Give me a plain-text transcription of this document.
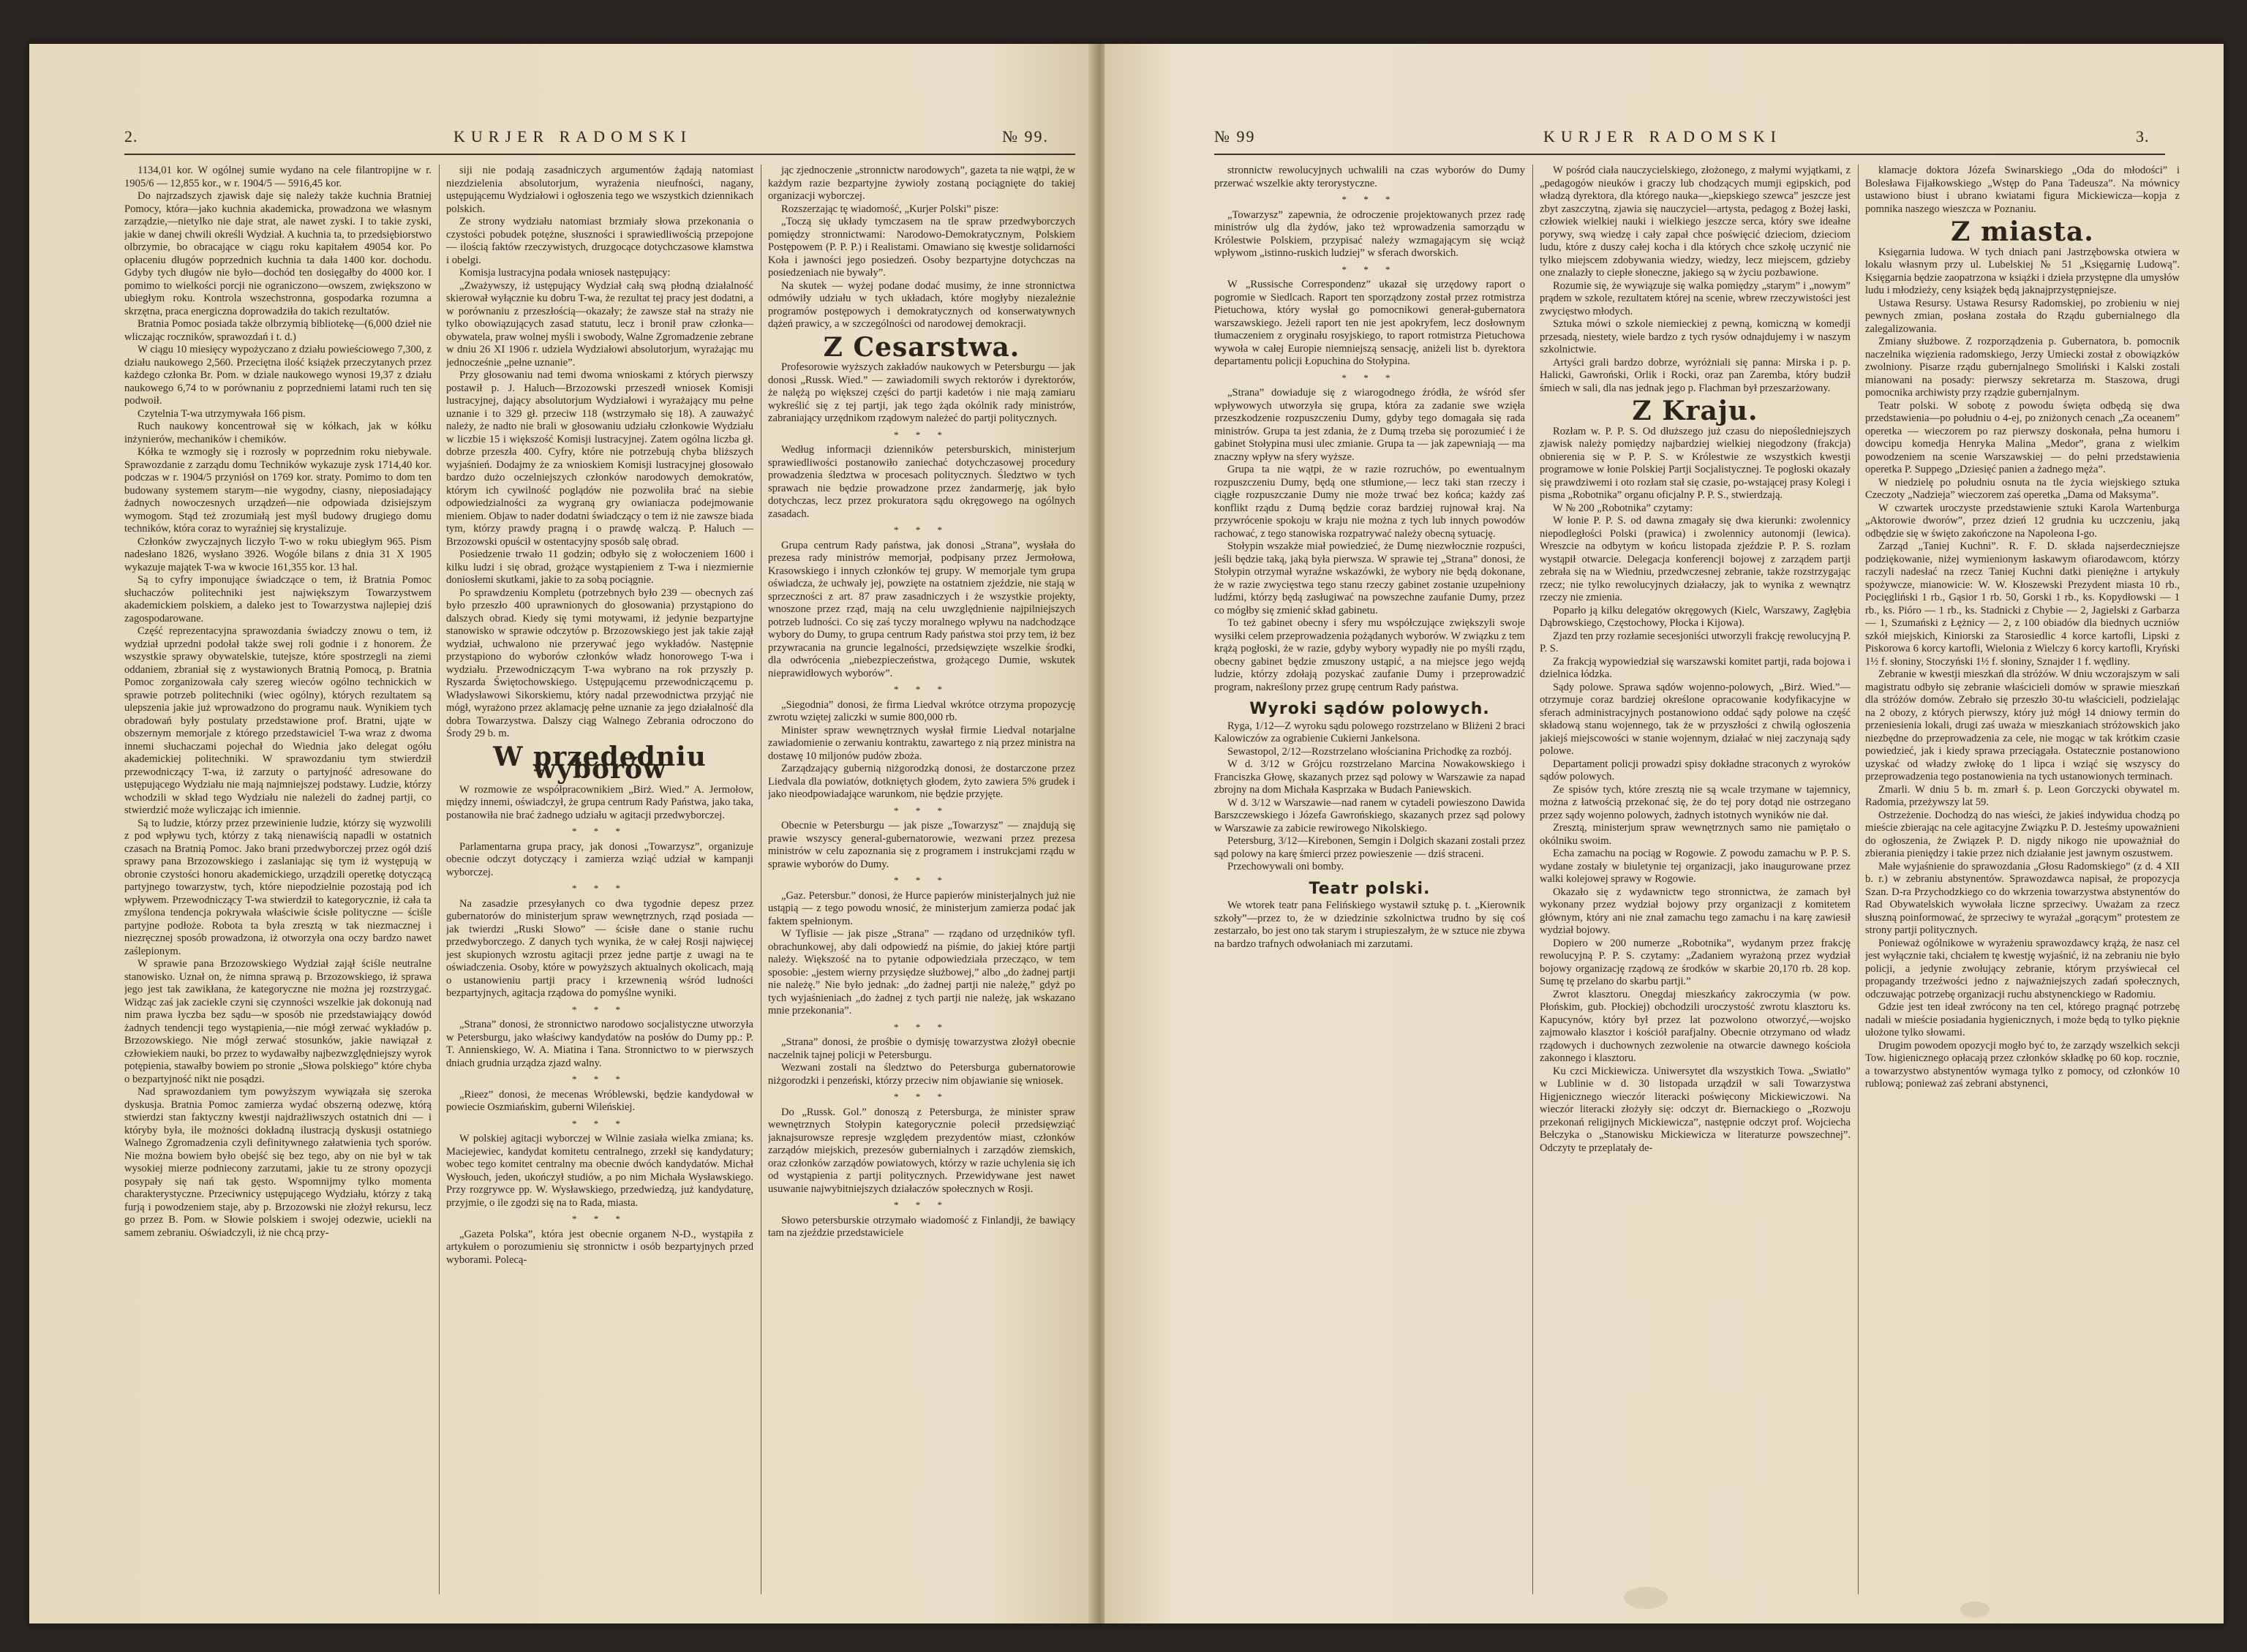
2.	KURJER RADOMSKI	№ 99.

1134,01 kor. W ogólnej sumie wydano na cele filantropijne w r. 1905/6 — 12,855 kor., w r. 1904/5 — 5916,45 kor.

Do najrzadszych zjawisk daje się należy także kuchnia Bratniej Pomocy, która—jako kuchnia akademicka, prowadzona we własnym zarządzie,—nietylko nie daje strat, ale nawet zyski. I to takie zyski, jakie w danej chwili określi Wydział. A kuchnia ta, to przedsiębiorstwo olbrzymie, bo obracające w ciągu roku kapitałem 49054 kor. Po opłaceniu długów poprzednich kuchnia ta dała 1400 kor. dochodu. Gdyby tych długów nie było—dochód ten dosięgałby do 4000 kor. I pomimo to wielkości porcji nie ograniczono—owszem, zwiększono w ubiegłym roku. Kontrola wszechstronna, gospodarka rozumna a skrzętna, praca energiczna doprowadziła do takich rezultatów.

Bratnia Pomoc posiada także olbrzymią bibliotekę—(6,000 dzieł nie wliczając roczników, sprawozdań i t. d.)

W ciągu 10 miesięcy wypożyczano z działu powieściowego 7,300, z działu naukowego 2,560. Przeciętna ilość książek przeczytanych przez każdego członka Br. Pom. w dziale naukowego wynosi 19,37 z działu naukowego 6,74 to w porównaniu z poprzedniemi latami ruch ten się podwoił.

Czytelnia T-wa utrzymywała 166 pism.

Ruch naukowy koncentrował się w kółkach, jak w kółku inżynierów, mechaników i chemików.

Kółka te wzmogły się i rozrosły w poprzednim roku niebywale. Sprawozdanie z zarządu domu Techników wykazuje zysk 1714,40 kor. podczas w r. 1904/5 przyniósł on 1769 kor. straty. Pomimo to dom ten budowany systemem starym—nie wygodny, ciasny, nieposiadający żadnych nowoczesnych urządzeń—nie odpowiada dzisiejszym wymogom. Stąd też zrozumiałą jest myśl budowy drugiego domu techników, która coraz to wyraźniej się krystalizuje.

Członków zwyczajnych liczyło T-wo w roku ubiegłym 965. Pism nadesłano 1826, wysłano 3926. Wogóle bilans z dnia 31 X 1905 wykazuje majątek T-wa w kwocie 161,355 kor. 13 hal.

Są to cyfry imponujące świadczące o tem, iż Bratnia Pomoc słuchaczów politechniki jest największym Towarzystwem akademickiem polskiem, a daleko jest to Towarzystwa najlepiej dziś zagospodarowane.

Część reprezentacyjna sprawozdania świadczy znowu o tem, iż wydział uprzedni podołał także swej roli godnie i z honorem. Że wszystkie sprawy obywatelskie, tutejsze, które spostrzegli na ziemi oddaniem, zbraniał się z wystawionych Bratnią Pomocą, p. Bratnia Pomoc zorganizowała cały szereg wieców ogólno technickich w sprawie potrzeb politechniki (wiec ogólny), których rezultatem są ulepszenia jakie już wprowadzono do programu nauk. Wynikiem tych obradowań były postulaty przedstawione prof. Bratni, ująte w obszernym memorjale z którego przedstawiciel T-wa wraz z dwoma innemi słuchaczami pojechał do Wiednia jako delegat ogółu akademickiej politechniki. W sprawozdaniu tym stwierdził przewodniczący T-wa, iż zarzuty o partyjność adresowane do ustępującego Wydziału nie mają najmniejszej podstawy. Ludzie, którzy wchodzili w skład tego Wydziału nie należeli do żadnej partji, co stwierdzić może wyliczając ich imiennie.

Są to ludzie, którzy przez przewinienie ludzie, którzy się wyzwolili z pod wpływu tych, którzy z taką nienawiścią napadli w ostatnich czasach na Bratnią Pomoc. Jako brani przedwyborczej przez ogół dziś sprawy pana Brzozowskiego i zaslaniając się tym iż występują w obronie czystości honoru akademickiego, urządzili operetkę dotyczącą partyjnego towarzystw, tych, które niepodzielnie pozostają pod ich wpływem. Przewodniczący T-wa stwierdził to kategorycznie, iż cała ta zmyślona tendencja pokrywała właściwie ścisłe polityczne — ściśle partyjne podłoże. Robota ta była zresztą w tak niezmacznej i niezręcznej sposób prowadzona, iż otworzyła ona oczy bardzo nawet zaślepionym.

W sprawie pana Brzozowskiego Wydział zajął ściśle neutralne stanowisko. Uznał on, że nimna sprawą p. Brzozowskiego, iż sprawa jego jest tak zawikłana, że kategoryczne nie można jej rozstrzygać. Widząc zaś jak zaciekle czyni się czynności wszelkie jak dokonują nad nim prawa łyczba bez sądu—w sposób nie przedstawiający dowód żadnych tendencji tego wystąpienia,—nie mógł zerwać wykładów p. Brzozowskiego. Nie mógł zerwać stosunków, jakie nawiązał z człowiekiem nauki, bo przez to wydawałby najbezwzględniejszy wyrok potępienia, stawałby bowiem po stronie „Słowa polskiego” które chyba o bezpartyjność nikt nie posądzi.

Nad sprawozdaniem tym powyższym wywiązała się szeroka dyskusja. Bratnia Pomoc zamierza wydać obszerną odezwę, którą stwierdzi stan faktyczny kwestji najdrażliwszych ostatnich dni — i któryby była, ile możności dokładną ilustracją dyskusji ostatniego Walnego Zgromadzenia czyli definitywnego załatwienia tych sporów. Nie można bowiem było obejść się bez tego, aby on nie był w tak wysokiej mierze podniecony zarzutami, jakie tu ze strony opozycji posypały się nań tak gęsto. Wspomnijmy tylko momenta charakterystyczne. Przeciwnicy ustępującego Wydziału, którzy z taką furją i powodzeniem staje, aby p. Brzozowski nie złożył rekursu, lecz go przez B. Pom. w Słowie polskiem i swojej odezwie, uciekli na samem zebraniu. Oświadczyli, iż nie chcą przy-

siji nie podają zasadniczych argumentów żądają natomiast niezdzielenia absolutorjum, wyrażenia nieufności, nagany, ustępującemu Wydziałowi i ogłoszenia tego we wszystkich dziennikach polskich.

Ze strony wydziału natomiast brzmiały słowa przekonania o czystości pobudek potężne, słuszności i sprawiedliwością przepojone — ilością faktów rzeczywistych, druzgocące dotychczasowe kłamstwa i obelgi.

Komisja lustracyjna podała wniosek następujący:

„Zważywszy, iż ustępujący Wydział całą swą płodną działalność skierował wyłącznie ku dobru T-wa, że rezultat tej pracy jest dodatni, a w porównaniu z przeszłością—okazały; że zawsze stał na straży nie tylko obowiązujących zasad statutu, lecz i bronił praw członka—obywatela, praw wolnej myśli i swobody, Walne Zgromadzenie zebrane w dniu 26 XI 1906 r. udziela Wydziałowi absolutorjum, wyrażając mu jednocześnie „pełne uznanie”.

Przy głosowaniu nad temi dwoma wnioskami z których pierwszy postawił p. J. Haluch—Brzozowski przeszedł wniosek Komisji lustracyjnej, dający absolutorjum Wydziałowi i wyrażający mu pełne uznanie i to 329 gł. przeciw 118 (wstrzymało się 18). A zauważyć należy, że nadto nie brali w głosowaniu udziału członkowie Wydziału w liczbie 15 i większość Komisji lustracyjnej. Zatem ogólna liczba gł. dobrze przeszła 400. Cyfry, które nie potrzebują chyba bliższych wyjaśnień. Dodajmy że za wnioskiem Komisji lustracyjnej głosowało bardzo dużo oczelniejszych członków narodowych demokratów, którym ich cywilność poglądów nie pozwoliła brać na siebie odpowiedzialności za wygraną gry owianiacza podejmowanie mieniem. Objaw to nader dodatni świadczący o tem iż nie zawsze biada tym, którzy prawdy pragną i o prawdę walczą. P. Haluch — Brzozowski opuścił w ostentacyjny sposób salę obrad.

Posiedzenie trwało 11 godzin; odbyło się z wołoczeniem 1600 i kilku ludzi i się obrad, grożące wystąpieniem z T-wa i niezmiernie doniosłemi skutkami, jakie to za sobą pociągnie.

Po sprawdzeniu Kompletu (potrzebnych było 239 — obecnych zaś było przeszło 400 uprawnionych do głosowania) przystąpiono do dalszych obrad. Kiedy się tymi motywami, iż jedynie bezpartyjne stanowisko w sprawie odczytów p. Brzozowskiego jest jak takie zajął wydział, uchwalono nie przerywać jego wykładów. Następnie przystąpiono do wyborów członków władz honorowego T-wa i wydziału. Przewodniczącym T-wa wybrano na rok przyszły p. Ryszarda Świętochowskiego. Ustępującemu przewodniczącemu p. Władysławowi Sikorskiemu, który nadal przewodnictwa przyjąć nie mógł, wyrażono przez aklamację pełne uznanie za jego działalność dla dobra Towarzystwa. Dalszy ciąg Walnego Zebrania odroczono do Środy 29 b. m.

W przededniu wyborów

W rozmowie ze współpracownikiem „Birż. Wied.” A. Jermołow, między innemi, oświadczył, że grupa centrum Rady Państwa, jako taka, postanowiła nie brać żadnego udziału w agitacji przedwyborczej.

* * *

Parlamentarna grupa pracy, jak donosi „Towarzysz”, organizuje obecnie odczyt dotyczący i zamierza wziąć udział w kampanji wyborczej.

* * *

Na zasadzie przesyłanych co dwa tygodnie depesz przez gubernatorów do ministerjum spraw wewnętrznych, rząd posiada — jak twierdzi „Ruski Słowo” — ścisłe dane o stanie ruchu przedwyborczego. Z danych tych wynika, że w całej Rosji najwięcej jest skupionych wzrostu agitacji przez jedne partje z uwagi na te oświadczenia. Osoby, które w powyższych aktualnych okolicach, mają o ustanowieniu partji pracy i krzewnenią wśród ludności bezpartyjnych, agitacja rządowa do pomyślne wyniki.

* * *

„Strana” donosi, że stronnictwo narodowo socjalistyczne utworzyła w Petersburgu, jako właściwy kandydatów na posłów do Dumy pp.: P. T. Annienskiego, W. A. Miatina i Tana. Stronnictwo to w pierwszych dniach grudnia urządza zjazd walny.

* * *

„Rieez” donosi, że mecenas Wróblewski, będzie kandydował w powiecie Oszmiańskim, guberni Wileńskiej.

* * *

W polskiej agitacji wyborczej w Wilnie zasiała wielka zmiana; ks. Maciejewiec, kandydat komitetu centralnego, zrzekł się kandydatury; wobec tego komitet centralny ma obecnie dwóch kandydatów. Michał Wysłouch, jeden, ukończył studiów, a po nim Michała Wysławskiego. Przy rozgrywce pp. W. Wysławskiego, przedwiedzą, już kandydaturę, przyjmie, o ile zgodzi się na to Rada, miasta.

* * *

„Gazeta Polska”, która jest obecnie organem N-D., wystąpiła z artykułem o porozumieniu się stronnictw i osób bezpartyjnych przed wyborami. Polecą-

jąc zjednoczenie „stronnictw narodowych”, gazeta ta nie wątpi, że w każdym razie bezpartyjne żywioły zostaną pociągnięte do takiej organizacji wyborczej.

Rozszerzając tę wiadomość, „Kurjer Polski” pisze:

„Toczą się układy tymczasem na tle spraw przedwyborczych pomiędzy stronnictwami: Narodowo-Demokratycznym, Polskiem Postępowem (P. P. P.) i Realistami. Omawiano się kwestje solidarności Koła i jawności jego posiedzeń. Osoby bezpartyjne dotychczas na posiedzeniach nie bywały”.

Na skutek — wyżej podane dodać musimy, że inne stronnictwa odmówiły udziału w tych układach, które mogłyby niezależnie programów postępowych i demokratycznych od konserwatywnych dążeń prawicy, a w szczególności od narodowej demokracji.

Z Cesarstwa.

Profesorowie wyższych zakładów naukowych w Petersburgu — jak donosi „Russk. Wied.” — zawiadomili swych rektorów i dyrektorów, że nalężą po większej części do partji kadetów i nie mają zamiaru wykreślić się z tej partji, jak tego żąda okólnik rady ministrów, zabraniający urzędnikom rządowym należeć do partji politycznych.

* * *

Według informacji dzienników petersburskich, ministerjum sprawiedliwości postanowiło zaniechać dotychczasowej procedury prowadzenia śledztwa w procesach politycznych. Śledztwo w tych sprawach nie będzie prowadzone przez żandarmerję, jak było dotychczas, lecz przez prokuratora sądu okręgowego na ogólnych zasadach.

* * *

Grupa centrum Rady państwa, jak donosi „Strana”, wysłała do prezesa rady ministrów memorjał, podpisany przez Jermołowa, Krasowskiego i innych członków tej grupy. W memorjale tym grupa oświadcza, że uchwały jej, powzięte na ostatniem zjeździe, nie stają w sprzeczności z art. 87 praw zasadniczych i że wszystkie projekty, wnoszone przez rząd, mają na celu uwzględnienie najpilniejszych potrzeb ludności. Co się zaś tyczy moralnego wpływu na nadchodzące wybory do Dumy, to grupa centrum Rady państwa stoi przy tem, iż bez przywracania na gruncie legalności, przedsięwzięte wszelkie środki, dla odwrócenia „niebezpieczeństwa, grożącego Dumie, wskutek nieprawidłowych wyborów”.

* * *

„Siegodnia” donosi, że firma Liedval wkrótce otrzyma propozycję zwrotu wziętej zaliczki w sumie 800,000 rb.

Minister spraw wewnętrznych wysłał firmie Liedval notarjalne zawiadomienie o zerwaniu kontraktu, zawartego z nią przez ministra na dostawę 10 miljonów pudów zboża.

Zarządzający gubernią niżgorodzką donosi, że dostarczone przez Liedvala dla powiatów, dotkniętych głodem, żyto zawiera 5% grudek i jako nieodpowiadające warunkom, nie będzie przyjęte.

* * *

Obecnie w Petersburgu — jak pisze „Towarzysz” — znajdują się prawie wszyscy general-gubernatorowie, wezwani przez prezesa ministrów w celu zapoznania się z programem i instrukcjami rządu w sprawie wyborów do Dumy.

* * *

„Gaz. Petersbur.” donosi, że Hurce papierów ministerjalnych już nie ustąpią — z tego powodu wnosić, że ministerjum zamierza podać jak faktem spełnionym.

W Tyflisie — jak pisze „Strana” — rządano od urzędników tyfl. obrachunkowej, aby dali odpowiedź na piśmie, do jakiej które partji należy. Większość na to pytanie odpowiedziała przecząco, w tem sposobie: „jestem wierny przysiędze służbowej,” albo „do żadnej partji nie należę.” Nie było jednak: „do żadnej partji nie należę,” gdyż po tych wyjaśnieniach „do żadnej z tych partji nie należę, jak wskazano mnie przekonania”.

* * *

„Strana” donosi, że prośbie o dymisję towarzystwa złożył obecnie naczelnik tajnej policji w Petersburgu.

Wezwani zostali na śledztwo do Petersburga gubernatorowie niżgorodzki i penzeński, którzy przeciw nim objawianie się wniosek.

* * *

Do „Russk. Gol.” donoszą z Petersburga, że minister spraw wewnętrznych Stołypin kategorycznie polecił przedsięwziąć jaknajsurowsze represje względem prezydentów miast, członków zarządów miejskich, prezesów gubernialnych i zarządów ziemskich, oraz członków zarządów powiatowych, którzy w razie uchylenia się ich od wystąpienia z partji politycznych. Przewidywane jest nawet usuwanie najwybitniejszych działaczów społecznych w Rosji.

* * *

Słowo petersburskie otrzymało wiadomość z Finlandji, że bawiący tam na zjeździe przedstawiciele

№ 99	KURJER RADOMSKI	3.

stronnictw rewolucyjnych uchwalili na czas wyborów do Dumy przerwać wszelkie akty terorystyczne.

* * *

„Towarzysz” zapewnia, że odroczenie projektowanych przez radę ministrów ulg dla żydów, jako też wprowadzenia samorządu w Królestwie Polskiem, przypisać należy wzmagającym się wciąż wpływom „istinno-ruskich ludziej” w sferach dworskich.

* * *

W „Russische Correspondenz” ukazał się urzędowy raport o pogromie w Siedlcach. Raport ten sporządzony został przez rotmistrza Pietuchowa, który wysłał go pomocnikowi generał-gubernatora warszawskiego. Jeżeli raport ten nie jest apokryfem, lecz dosłownym tłumaczeniem z oryginału rosyjskiego, to raport rotmistrza Pietuchowa wywoła w całej Europie niemniejszą sensację, aniżeli list b. dyrektora departamentu policji Łopuchina do Stołypina.

* * *

„Strana” dowiaduje się z wiarogodnego źródła, że wśród sfer wpływowych utworzyła się grupa, która za zadanie swe wzięła przeszkodzenie rozpuszczeniu Dumy, gdyby tego domagała się rada ministrów. Grupa ta jest zdania, że z Dumą trzeba się porozumieć i że gabinet Stołypina musi ulec zmianie. Grupa ta — jak zapewniają — ma znaczny wpływ na sfery wyższe.

Grupa ta nie wątpi, że w razie rozruchów, po ewentualnym rozpuszczeniu Dumy, będą one stłumione,— lecz taki stan rzeczy i ciągłe rozpuszczanie Dumy nie może trwać bez końca; każdy zaś konflikt rządu z Dumą będzie coraz bardziej rujnował kraj. Na przywrócenie spokoju w kraju nie można z tych lub innych powodów rachować, z tego stanowiska rozpatrywać należy obecną sytuację.

Stołypin wszakże miał powiedzieć, że Dumę niezwłocznie rozpuści, jeśli będzie taką, jaką była pierwsza. W sprawie tej „Strana” donosi, że Stołypin otrzymał wyraźne wskazówki, że wybory nie będą dokonane, że w razie zwycięstwa tego stanu rzeczy gabinet zostanie uzupełniony ludźmi, którzy będą zasługiwać na powszechne zaufanie Dumy, przez co mógłby się zmienić skład gabinetu.

To też gabinet obecny i sfery mu współczujące zwiększyli swoje wysiłki celem przeprowadzenia pożądanych wyborów. W związku z tem krążą pogłoski, że w razie, gdyby wybory wypadły nie po myśli rządu, obecny gabinet będzie zmuszony ustąpić, a na miejsce jego wejdą ludzie, którzy zdołają pozyskać zaufanie Dumy i przeprowadzić program, nakreślony przez grupę centrum Rady państwa.

Wyroki sądów polowych.

Ryga, 1/12—Z wyroku sądu polowego rozstrzelano w Bliżeni 2 braci Kalowiczów za ograbienie Cukierni Jankelsona.

Sewastopol, 2/12—Rozstrzelano włościanina Prichodkę za rozbój.

W d. 3/12 w Grójcu rozstrzelano Marcina Nowakowskiego i Franciszka Głowę, skazanych przez sąd polowy w Warszawie za napad zbrojny na dom Michała Kasprzaka w Budach Paniewskich.

W d. 3/12 w Warszawie—nad ranem w cytadeli powieszono Dawida Barszczewskiego i Józefa Gawrońskiego, skazanych przez sąd polowy w Warszawie za zabicie rewirowego Nikolskiego.

Petersburg, 3/12—Kirebonen, Semgin i Dolgich skazani zostali przez sąd polowy na karę śmierci przez powieszenie — dziś straceni.

Przechowywali oni bomby.

Teatr polski.

We wtorek teatr pana Felińskiego wystawił sztukę p. t. „Kierownik szkoły”—przez to, że w dziedzinie szkolnictwa trudno by się coś zestarzało, bo jest ono tak starym i strupieszałym, że w sztuce nie zbywa na bardzo trafnych odwołaniach mi zarzutami.

W pośród ciała nauczycielskiego, złożonego, z małymi wyjątkami, z „pedagogów nieuków i graczy lub chodzących mumji egipskich, pod władzą dyrektora, dla którego nauka—„kiepskiego szewca” jeszcze jest zbyt zaszczytną, zjawia się nauczyciel—artysta, pedagog z Bożej łaski, człowiek wielkiej nauki i wielkiego jeszcze serca, który swe ideałne porywy, swą wiedzę i cały zapał chce poświęcić dzieciom, dzieciom ludu, które z duszy całej kocha i dla których chce szkołę uczynić nie tylko miejscem zdobywania wiedzy, wiedzy, lecz miejscem, gdzieby one znalazły to ciepłe słoneczne, jakiego są w życiu pozbawione.

Rozumie się, że wywiązuje się walka pomiędzy „starym” i „nowym” prądem w szkole, rezultatem której na scenie, wbrew rzeczywistości jest zwycięstwo młodych.

Sztuka mówi o szkole niemieckiej z pewną, komiczną w komedji przesadą, niestety, wiele bardzo z tych rysów odnajdujemy i w naszym szkolnictwie.

Artyści grali bardzo dobrze, wyróżniali się panna: Mirska i p. p. Halicki, Gawroński, Orlik i Rocki, oraz pan Zaremba, który budził śmiech w sali, dla nas jednak jego p. Flachman był przeszarżowany.

Z Kraju.

Rozłam w. P. P. S. Od dłuższego już czasu do niepośledniejszych zjawisk należy pomiędzy najbardziej wielkiej niegodzony (frakcja) obnierenia się w P. P. S. w Królestwie ze wszystkich kwestji programowe w łonie Polskiej Partji Socjalistycznej. Te pogłoski okazały się prawdziwemi i oto rozłam stał się czasie, po-wstającej prasy Kolegi i pisma „Robotnika” organu oficjalny P. P. S., stwierdzają.

W № 200 „Robotnika” czytamy:

W łonie P. P. S. od dawna zmagały się dwa kierunki: zwolennicy niepodległości Polski (prawica) i zwolennicy autonomji (lewica). Wreszcie na odbytym w końcu listopada zjeździe P. P. S. rozłam wystąpił otwarcie. Delegacja konferencji bojowej z zarządem partji zebrała się na w Wiedniu, przedwczesnej zebranie, także rozstrzygając rzecz; nie tylko rewolucyjnych działaczy, jak to wynika z wewnątrz rzeczy nie zmienia.

Poparło ją kilku delegatów okręgowych (Kielc, Warszawy, Zagłębia Dąbrowskiego, Częstochowy, Płocka i Kijowa).

Zjazd ten przy rozłamie secesjoniści utworzyli frakcję rewolucyjną P. P. S.

Za frakcją wypowiedział się warszawski komitet partji, rada bojowa i dzielnica łódzka.

Sądy polowe. Sprawa sądów wojenno-polowych, „Birż. Wied.”—otrzymuje coraz bardziej określone opracowanie kodyfikacyjne w sferach administracyjnych postanowiono oddać sądy polowe na część składową stanu wojennego, tak że w przyszłości z chwilą ogłoszenia jakiejś miejscowości w stanie wojennym, działać w niej zaczynają sądy polowe.

Departament policji prowadzi spisy dokładne straconych z wyroków sądów polowych.

Ze spisów tych, które zresztą nie są wcale trzymane w tajemnicy, można z łatwością przekonać się, że do tej pory dotąd nie ostrzegano przez sądy wojenno polowych, żadnych istotnych wyników nie dał.

Zresztą, ministerjum spraw wewnętrznych samo nie pamiętało o okólniku swoim.

Echa zamachu na pociąg w Rogowie. Z powodu zamachu w P. P. S. wydane zostały w biuletynie tej organizacji, jako inaugurowane przez walki kolejowej sprawy w Rogowie.

Okazało się z wydawnictw tego stronnictwa, że zamach był wykonany przez wydział bojowy przy organizacji z komitetem głównym, który ani nie znał zamachu tego zamachu i na karę zawiesił wydział bojowy.

Dopiero w 200 numerze „Robotnika”, wydanym przez frakcję rewolucyjną P. P. S. czytamy: „Zadaniem wyrażoną przez wydział bojowy organizację rządową ze środków w skarbie 20,170 rb. 28 kop. Sumę tę przelano do skarbu partji.”

Zwrot klasztoru. Onegdaj mieszkańcy zakroczymia (w pow. Płońskim, gub. Płockiej) obchodzili uroczystość zwrotu klasztoru ks. Kapucynów, który był przez lat pozwolono otworzyć,—wojsko zajmowało klasztor i kościół parafjalny. Obecnie otrzymano od władz rządowych i duchownych zezwolenie na otwarcie dawnego kościoła zakonnego i klasztoru.

Ku czci Mickiewicza. Uniwersytet dla wszystkich Towa. „Swiatło” w Lublinie w d. 30 listopada urządził w sali Towarzystwa Higjenicznego wieczór literacki poświęcony Mickiewiczowi. Na wieczór literacki złożyły się: odczyt dr. Biernackiego o „Rozwoju przekonań religijnych Mickiewicza”, następnie odczyt prof. Wojciecha Bełczyka o „Stanowisku Mickiewicza w literaturze powszechnej”. Odczyty te przeplatały de-

klamacje doktora Józefa Swinarskiego „Oda do młodości” i Bolesława Fijałkowskiego „Wstęp do Pana Tadeusza”. Na mównicy ustawiono biust i ubrano kwiatami figura Mickiewicza—kopja z pomnika naszego wieszcza w Poznaniu.

Z miasta.

Księgarnia ludowa. W tych dniach pani Jastrzębowska otwiera w lokalu własnym przy ul. Lubelskiej № 51 „Księgarnię Ludową”. Księgarnia będzie zaopatrzona w książki i dzieła przystępne dla umysłów ludu i młodzieży, ceny książek będą jaknajprzystępniejsze.

Ustawa Resursy. Ustawa Resursy Radomskiej, po zrobieniu w niej pewnych zmian, posłana została do Rządu gubernialnego dla zalegalizowania.

Zmiany służbowe. Z rozporządzenia p. Gubernatora, b. pomocnik naczelnika więzienia radomskiego, Jerzy Umiecki został z obowiązków zwolniony. Pisarze rządu gubernjalnego Smoliński i Kalski zostali mianowani na posady: pierwszy sekretarza m. Staszowa, drugi pomocnika archiwisty przy rządzie gubernjalnym.

Teatr polski. W sobotę z powodu święta odbędą się dwa przedstawienia—po południu o 4-ej, po zniżonych cenach „Za oceanem” operetka — wieczorem po raz pierwszy doskonała, pełna humoru i dowcipu komedja Henryka Malina „Medor”, grana z wielkim powodzeniem na scenie Warszawskiej — do pełni przedstawienia operetka P. Suppego „Dziesięć panien a żadnego męża”.

W niedzielę po południu osnuta na tle życia wiejskiego sztuka Czeczoty „Nadzieja” wieczorem zaś operetka „Dama od Maksyma”.

W czwartek uroczyste przedstawienie sztuki Karola Wartenburga „Aktorowie dworów”, przez dzień 12 grudnia ku uczczeniu, jaką odbędzie się w święto zakończone na Napoleona I-go.

Zarząd „Taniej Kuchni”. R. F. D. składa najserdeczniejsze podziękowanie, niżej wymienionym łaskawym ofiarodawcom, którzy raczyli nadesłać na rzecz Taniej Kuchni datki pieniężne i artykuły spożywcze, mianowicie: W. W. Kłoszewski Prezydent miasta 10 rb., Pocięgliński 1 rb., Gąsior 1 rb. 50, Gorski 1 rb., ks. Kopydłowski — 1 rb., ks. Pióro — 1 rb., ks. Stadnicki z Chybie — 2, Jagielski z Garbarza — 1, Szumański z Łężnicy — 2, z 100 obiadów dla biednych uczniów szkół miejskich, Kiniorski za Starosiedlic 4 korce kartofli, Lipski z Piskorowa 6 korcy kartofli, Wielonia z Wielczy 6 korcy kartofli, Kryński 1½ f. słoniny, Stoczyński 1½ f. słoniny, Sznajder 1 f. wędliny.

Zebranie w kwestji mieszkań dla stróżów. W dniu wczorajszym w sali magistratu odbyło się zebranie właścicieli domów w sprawie mieszkań dla stróżów domów. Zebrało się przeszło 30-tu właścicieli, podzielając na 2 obozy, z których pierwszy, który już mógł 14 dniowy termin do przeniesienia lokali, drugi zaś uważa w mieszkaniach stróżowskich jako niezbędne do przeprowadzenia za cele, nie mogąc w tak krótkim czasie powiedzieć, jak i kiedy sprawa przeciągała. Ostatecznie postanowiono uzyskać od władzy zwłokę do 1 lipca i wziąć się wszyscy do przeprowadzenia tego postanowienia na tych ustanowionych terminach.

Zmarli. W dniu 5 b. m. zmarł ś. p. Leon Gorczycki obywatel m. Radomia, przeżywszy lat 59.

Ostrzeżenie. Dochodzą do nas wieści, że jakieś indywidua chodzą po mieście zbierając na cele agitacyjne Związku P. D. Jesteśmy upoważnieni do ogłoszenia, że Związek P. D. nigdy nikogo nie upoważniał do zbierania pieniędzy i takie przez nich działanie jest jawnym oszustwem.

Małe wyjaśnienie do sprawozdania „Głosu Radomskiego” (z d. 4 XII b. r.) w zebraniu abstynentów. Sprawozdawca napisał, że propozycja Szan. D-ra Przychodzkiego co do wkrzenia towarzystwa abstynentów do Rad Obywatelskich wywołała liczne sprzeciwy. Uważam za rzecz słuszną poinformować, że sprzeciwy te wyrażał „gorącym” protestem ze strony partji politycznych.

Ponieważ ogólnikowe w wyrażeniu sprawozdawcy krążą, że nasz cel jest wyłącznie taki, chciałem tę kwestję wyjaśnić, iż na zebraniu nie było policji, a jedynie zwołujący zebranie, którym przyświecał cel propagandy trzeźwości jedno z najważniejszych zadań społecznych, odczuwając potrzebę organizacji ruchu abstynenckiego w Radomiu.

Gdzie jest ten ideał zwrócony na ten cel, którego pragnąć potrzebę nadali w mieście posiadania hygienicznych, i może będą to tylko pięknie ułożone tylko słowami.

Drugim powodem opozycji mogło być to, że zarządy wszelkich sekcji Tow. higienicznego opłacają przez członków składkę po 60 kop. rocznie, a towarzystwo abstynentów wymaga tylko z pomocy, od członków 10 rublową; ponieważ zaś zebrani abstynenci,
